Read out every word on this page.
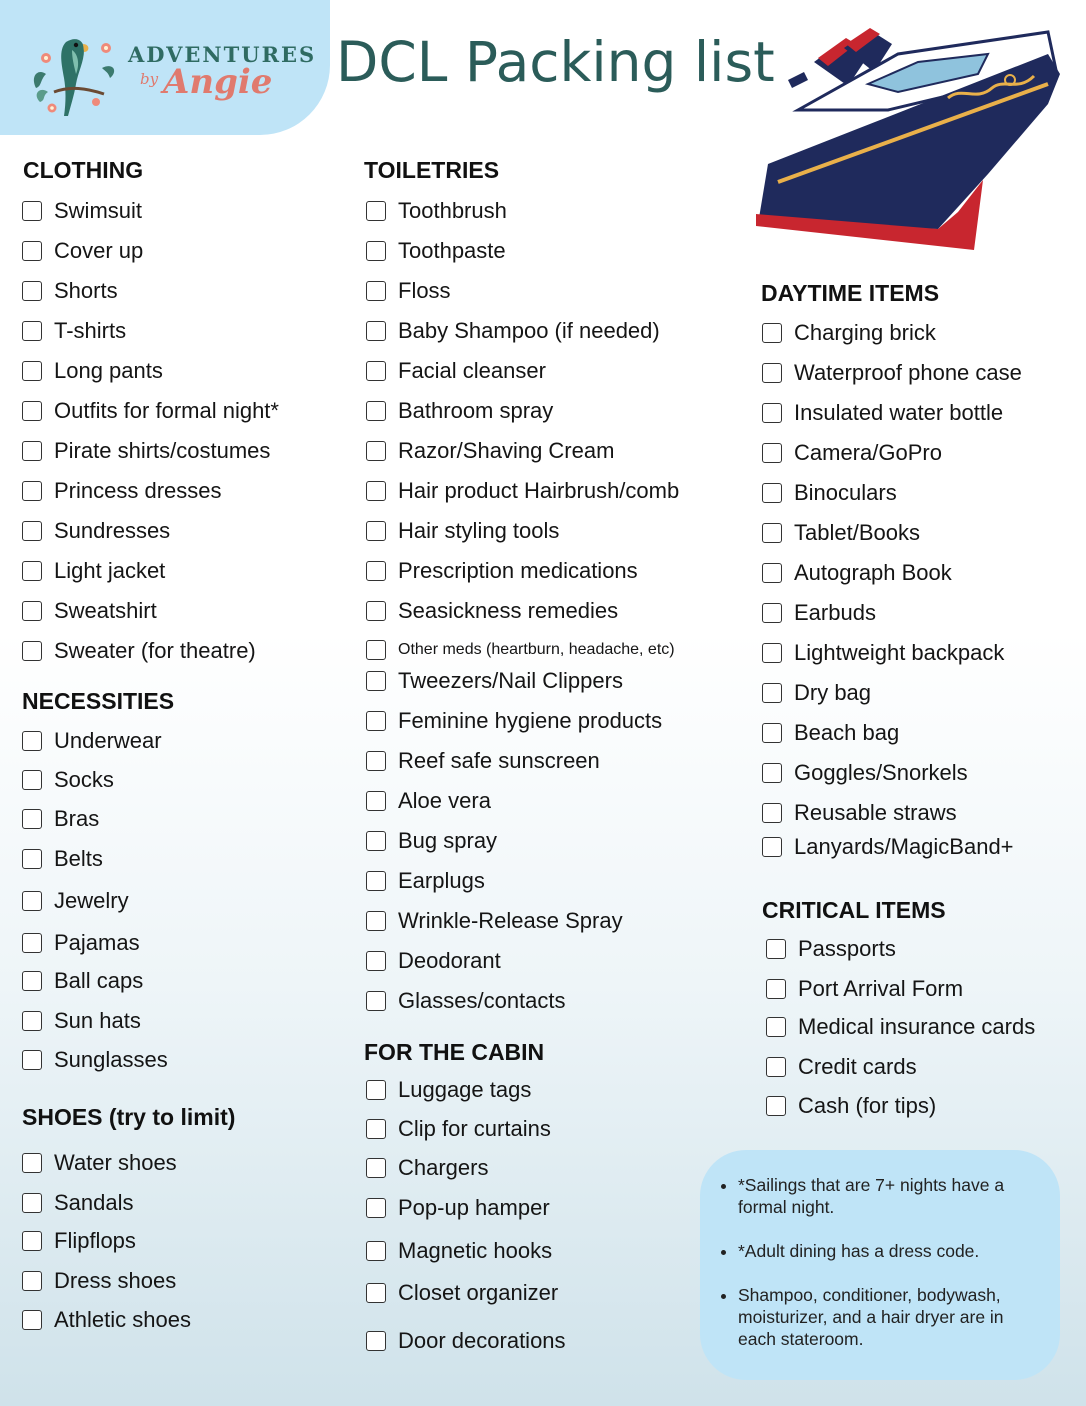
ADVENTURES
by Angie DCL Packing list
CLOTHING
Swimsuit
Cover up
Shorts
T-shirts
Long pants
Outfits for formal night*
Pirate shirts/costumes
Princess dresses
Sundresses
Light jacket
Sweatshirt
Sweater (for theatre)
NECESSITIES
Underwear
Socks
Bras
Belts
Jewelry
Pajamas
Ball caps
Sun hats
Sunglasses
SHOES (try to limit)
Water shoes
Sandals
Flipflops
Dress shoes
Athletic shoes
TOILETRIES
Toothbrush
Toothpaste
Floss
Baby Shampoo (if needed)
Facial cleanser
Bathroom spray
Razor/Shaving Cream
Hair product Hairbrush/comb
Hair styling tools
Prescription medications
Seasickness remedies
Other meds (heartburn, headache, etc)
Tweezers/Nail Clippers
Feminine hygiene products
Reef safe sunscreen
Aloe vera
Bug spray
Earplugs
Wrinkle-Release Spray
Deodorant
Glasses/contacts
FOR THE CABIN
Luggage tags
Clip for curtains
Chargers
Pop-up hamper
Magnetic hooks
Closet organizer
Door decorations
DAYTIME ITEMS
Charging brick
Waterproof phone case
Insulated water bottle
Camera/GoPro
Binoculars
Tablet/Books
Autograph Book
Earbuds
Lightweight backpack
Dry bag
Beach bag
Goggles/Snorkels
Reusable straws
Lanyards/MagicBand+
CRITICAL ITEMS
Passports
Port Arrival Form
Medical insurance cards
Credit cards
Cash (for tips)
• *Sailings that are 7+ nights have a formal night.
• *Adult dining has a dress code.
• Shampoo, conditioner, bodywash, moisturizer, and a hair dryer are in each stateroom.
